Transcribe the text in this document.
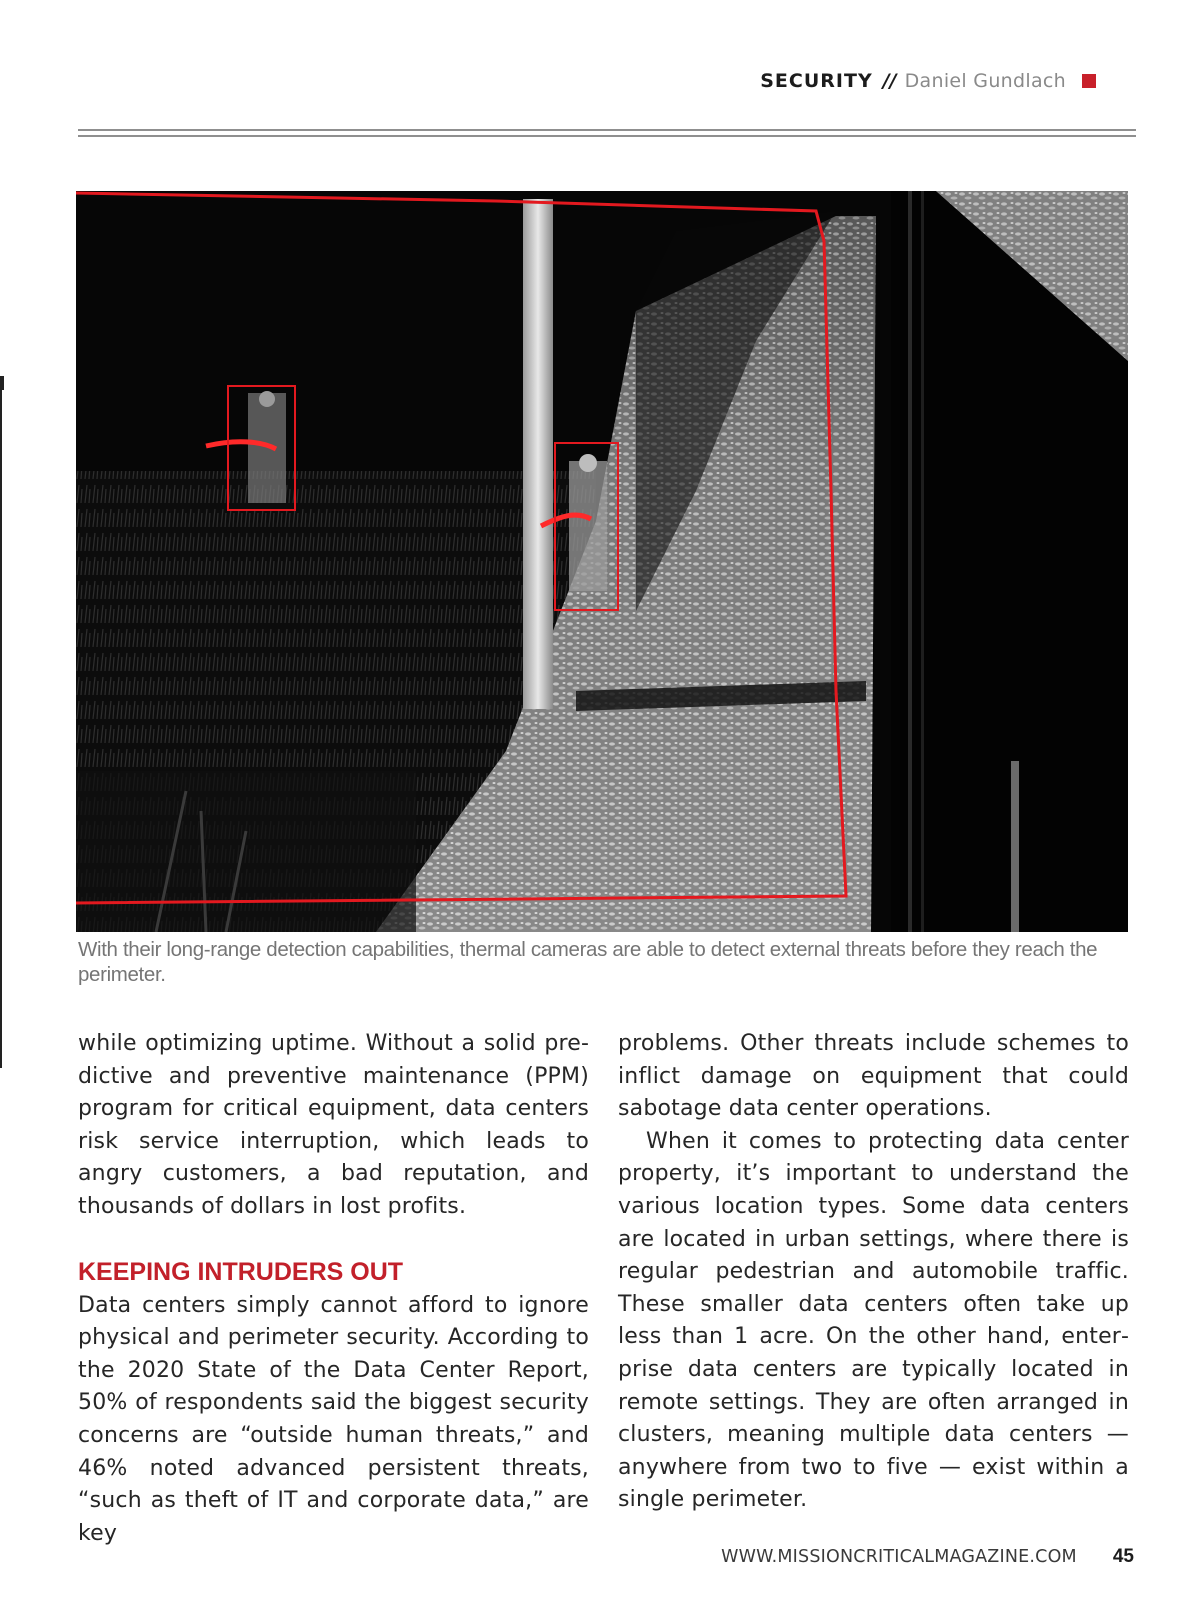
SECURITY // Daniel Gundlach
With their long-range detection capabilities, thermal cameras are able to detect external threats before they reach the perimeter.

while optimizing uptime. Without a solid predictive and preventive maintenance (PPM) program for critical equipment, data centers risk service interruption, which leads to angry customers, a bad reputation, and thousands of dollars in lost profits.

KEEPING INTRUDERS OUT

Data centers simply cannot afford to ignore physical and perimeter security. According to the 2020 State of the Data Center Report, 50% of respondents said the biggest security concerns are “outside human threats,” and 46% noted advanced persistent threats, “such as theft of IT and corporate data,” are key

problems. Other threats include schemes to inflict damage on equipment that could sabotage data center operations.

When it comes to protecting data center property, it’s important to understand the various location types. Some data centers are located in urban settings, where there is regular pedestrian and automobile traffic. These smaller data centers often take up less than 1 acre. On the other hand, enterprise data centers are typically located in remote settings. They are often arranged in clusters, meaning multiple data centers — anywhere from two to five — exist within a single perimeter.

WWW.MISSIONCRITICALMAGAZINE.COM 45
